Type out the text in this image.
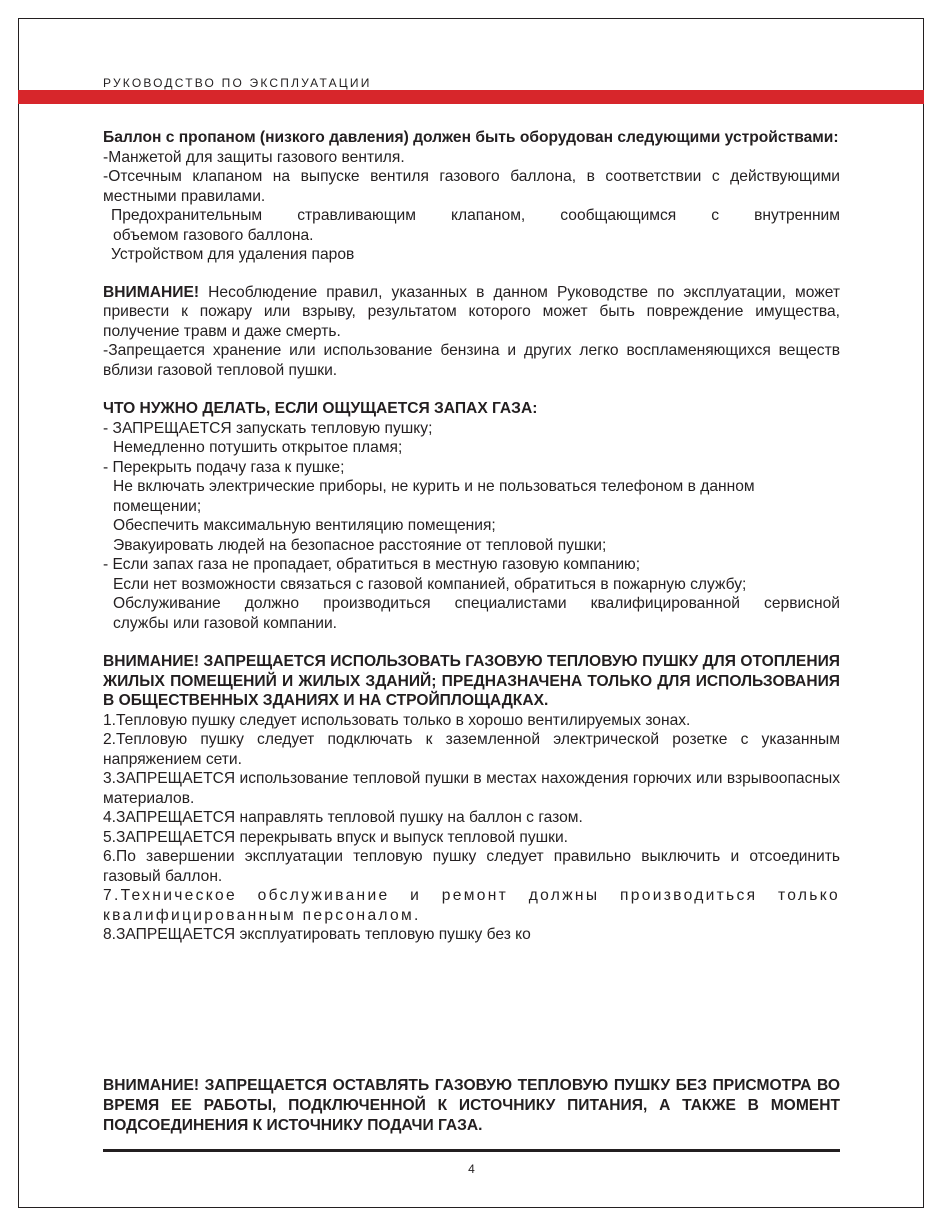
РУКОВОДСТВО ПО ЭКСПЛУАТАЦИИ

Баллон с пропаном (низкого давления) должен быть оборудован следующими устройствами:

-Манжетой для защиты газового вентиля.

-Отсечным клапаном на выпуске вентиля газового баллона, в соответствии с действующими местными правилами.

Предохранительным стравливающим клапаном, сообщающимся с внутренним

объемом газового баллона.

Устройством для удаления паров

ВНИМАНИЕ! Несоблюдение правил, указанных в данном Руководстве по эксплуатации, может привести к пожару или взрыву, результатом которого может быть повреждение имущества, получение травм и даже смерть.

-Запрещается хранение или использование бензина и других легко воспламеняющихся веществ вблизи газовой тепловой пушки.

ЧТО НУЖНО ДЕЛАТЬ, ЕСЛИ ОЩУЩАЕТСЯ ЗАПАХ ГАЗА:

- ЗАПРЕЩАЕТСЯ запускать тепловую пушку;

Немедленно потушить открытое пламя;

- Перекрыть подачу газа к пушке;

Не включать электрические приборы, не курить и не пользоваться телефоном в данном

помещении;

Обеспечить максимальную вентиляцию помещения;

Эвакуировать людей на безопасное расстояние от тепловой пушки;

- Если запах газа не пропадает, обратиться в местную газовую компанию;

Если нет возможности связаться с газовой компанией, обратиться в пожарную службу;

Обслуживание должно производиться специалистами квалифицированной сервисной

службы или газовой компании.

ВНИМАНИЕ! ЗАПРЕЩАЕТСЯ ИСПОЛЬЗОВАТЬ ГАЗОВУЮ ТЕПЛОВУЮ ПУШКУ ДЛЯ ОТОПЛЕНИЯ ЖИЛЫХ ПОМЕЩЕНИЙ И ЖИЛЫХ ЗДАНИЙ; ПРЕДНАЗНАЧЕНА ТОЛЬКО ДЛЯ ИСПОЛЬЗОВАНИЯ В ОБЩЕСТВЕННЫХ ЗДАНИЯХ И НА СТРОЙПЛОЩАДКАХ.

1.Тепловую пушку следует использовать только в хорошо вентилируемых зонах.

2.Тепловую пушку следует подключать к заземленной электрической розетке с указанным напряжением сети.

3.ЗАПРЕЩАЕТСЯ использование тепловой пушки в местах нахождения горючих или взрывоопасных материалов.

4.ЗАПРЕЩАЕТСЯ направлять тепловой пушку на баллон с газом.

5.ЗАПРЕЩАЕТСЯ перекрывать впуск и выпуск тепловой пушки.

6.По завершении эксплуатации тепловую пушку следует правильно выключить и отсоединить газовый баллон.

7.Техническое обслуживание и ремонт должны производиться только квалифицированным персоналом.

8.ЗАПРЕЩАЕТСЯ эксплуатировать тепловую пушку без ко

ВНИМАНИЕ! ЗАПРЕЩАЕТСЯ ОСТАВЛЯТЬ ГАЗОВУЮ ТЕПЛОВУЮ ПУШКУ БЕЗ ПРИСМОТРА ВО ВРЕМЯ ЕЕ РАБОТЫ, ПОДКЛЮЧЕННОЙ К ИСТОЧНИКУ ПИТАНИЯ, А ТАКЖЕ В МОМЕНТ ПОДСОЕДИНЕНИЯ К ИСТОЧНИКУ ПОДАЧИ ГАЗА.
4
